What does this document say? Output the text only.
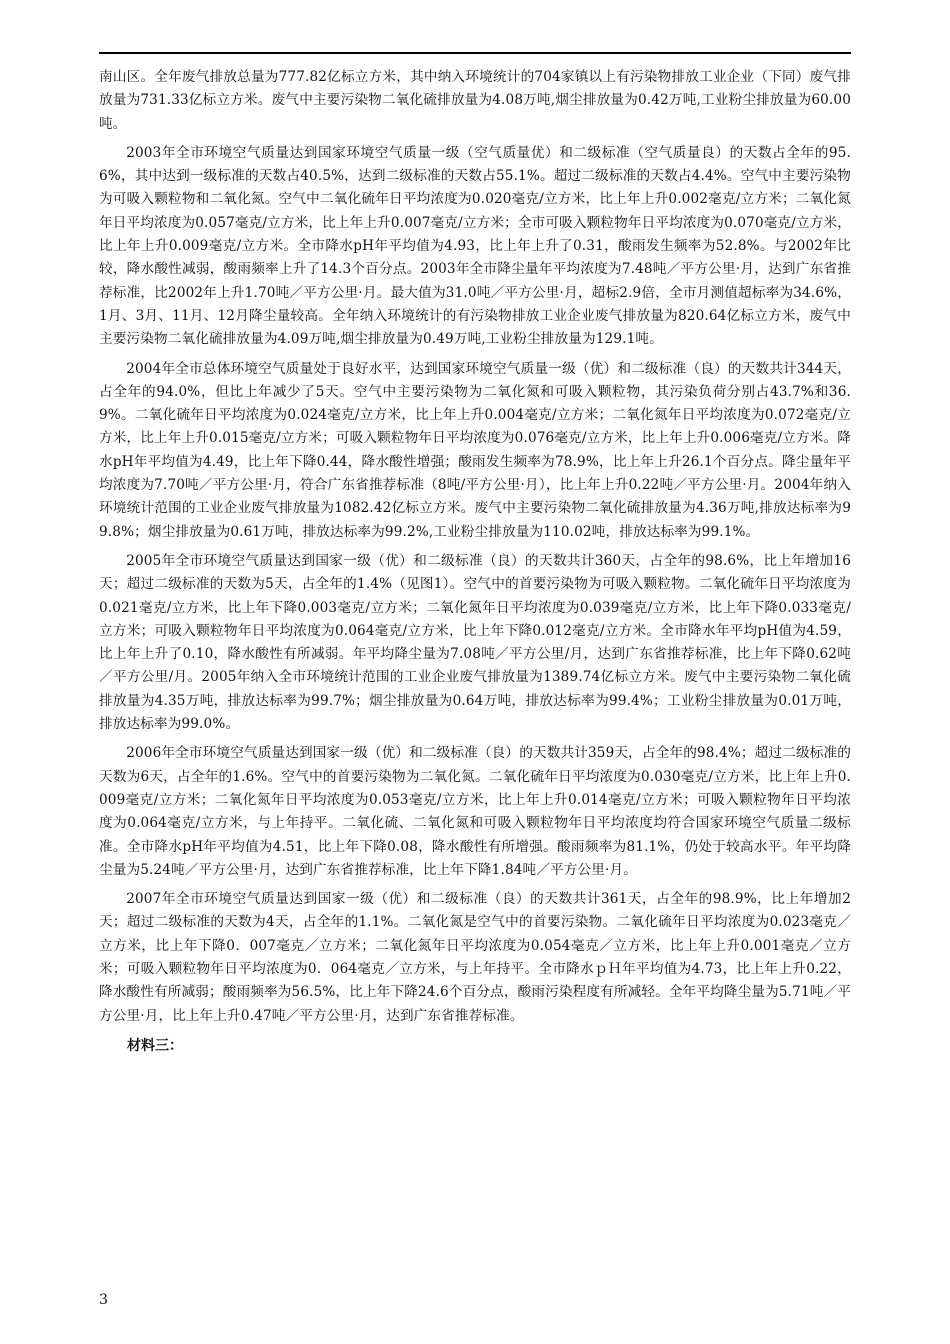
南山区。全年废气排放总量为777.82亿标立方米，其中纳入环境统计的704家镇以上有污染物排放工业企业（下同）废气排放量为731.33亿标立方米。废气中主要污染物二氧化硫排放量为4.08万吨,烟尘排放量为0.42万吨,工业粉尘排放量为60.00吨。

2003年全市环境空气质量达到国家环境空气质量一级（空气质量优）和二级标准（空气质量良）的天数占全年的95.6%，其中达到一级标准的天数占40.5%，达到二级标准的天数占55.1%。超过二级标准的天数占4.4%。空气中主要污染物为可吸入颗粒物和二氧化氮。空气中二氧化硫年日平均浓度为0.020毫克/立方米，比上年上升0.002毫克/立方米；二氧化氮年日平均浓度为0.057毫克/立方米，比上年上升0.007毫克/立方米；全市可吸入颗粒物年日平均浓度为0.070毫克/立方米，比上年上升0.009毫克/立方米。全市降水pH年平均值为4.93，比上年上升了0.31，酸雨发生频率为52.8%。与2002年比较，降水酸性减弱，酸雨频率上升了14.3个百分点。2003年全市降尘量年平均浓度为7.48吨／平方公里·月，达到广东省推荐标准，比2002年上升1.70吨／平方公里·月。最大值为31.0吨／平方公里·月，超标2.9倍，全市月测值超标率为34.6%，1月、3月、11月、12月降尘量较高。全年纳入环境统计的有污染物排放工业企业废气排放量为820.64亿标立方米，废气中主要污染物二氧化硫排放量为4.09万吨,烟尘排放量为0.49万吨,工业粉尘排放量为129.1吨。

2004年全市总体环境空气质量处于良好水平，达到国家环境空气质量一级（优）和二级标准（良）的天数共计344天，占全年的94.0%，但比上年减少了5天。空气中主要污染物为二氧化氮和可吸入颗粒物，其污染负荷分别占43.7%和36.9%。二氧化硫年日平均浓度为0.024毫克/立方米，比上年上升0.004毫克/立方米；二氧化氮年日平均浓度为0.072毫克/立方米，比上年上升0.015毫克/立方米；可吸入颗粒物年日平均浓度为0.076毫克/立方米，比上年上升0.006毫克/立方米。降水pH年平均值为4.49，比上年下降0.44，降水酸性增强；酸雨发生频率为78.9%，比上年上升26.1个百分点。降尘量年平均浓度为7.70吨／平方公里·月，符合广东省推荐标准（8吨/平方公里·月），比上年上升0.22吨／平方公里·月。2004年纳入环境统计范围的工业企业废气排放量为1082.42亿标立方米。废气中主要污染物二氧化硫排放量为4.36万吨,排放达标率为99.8%；烟尘排放量为0.61万吨，排放达标率为99.2%,工业粉尘排放量为110.02吨，排放达标率为99.1%。

2005年全市环境空气质量达到国家一级（优）和二级标准（良）的天数共计360天，占全年的98.6%，比上年增加16天；超过二级标准的天数为5天，占全年的1.4%（见图1）。空气中的首要污染物为可吸入颗粒物。二氧化硫年日平均浓度为0.021毫克/立方米，比上年下降0.003毫克/立方米；二氧化氮年日平均浓度为0.039毫克/立方米，比上年下降0.033毫克/立方米；可吸入颗粒物年日平均浓度为0.064毫克/立方米，比上年下降0.012毫克/立方米。全市降水年平均pH值为4.59，比上年上升了0.10，降水酸性有所减弱。年平均降尘量为7.08吨／平方公里/月，达到广东省推荐标准，比上年下降0.62吨／平方公里/月。2005年纳入全市环境统计范围的工业企业废气排放量为1389.74亿标立方米。废气中主要污染物二氧化硫排放量为4.35万吨，排放达标率为99.7%；烟尘排放量为0.64万吨，排放达标率为99.4%；工业粉尘排放量为0.01万吨，排放达标率为99.0%。

2006年全市环境空气质量达到国家一级（优）和二级标准（良）的天数共计359天，占全年的98.4%；超过二级标准的天数为6天，占全年的1.6%。空气中的首要污染物为二氧化氮。二氧化硫年日平均浓度为0.030毫克/立方米，比上年上升0.009毫克/立方米；二氧化氮年日平均浓度为0.053毫克/立方米，比上年上升0.014毫克/立方米；可吸入颗粒物年日平均浓度为0.064毫克/立方米，与上年持平。二氧化硫、二氧化氮和可吸入颗粒物年日平均浓度均符合国家环境空气质量二级标准。全市降水pH年平均值为4.51，比上年下降0.08，降水酸性有所增强。酸雨频率为81.1%，仍处于较高水平。年平均降尘量为5.24吨／平方公里·月，达到广东省推荐标准，比上年下降1.84吨／平方公里·月。

2007年全市环境空气质量达到国家一级（优）和二级标准（良）的天数共计361天，占全年的98.9%，比上年增加2天；超过二级标准的天数为4天，占全年的1.1%。二氧化氮是空气中的首要污染物。二氧化硫年日平均浓度为0.023毫克／立方米，比上年下降0．007毫克／立方米；二氧化氮年日平均浓度为0.054毫克／立方米，比上年上升0.001毫克／立方米；可吸入颗粒物年日平均浓度为0．064毫克／立方米，与上年持平。全市降水ｐＨ年平均值为4.73，比上年上升0.22，降水酸性有所减弱；酸雨频率为56.5%，比上年下降24.6个百分点，酸雨污染程度有所减轻。全年平均降尘量为5.71吨／平方公里·月，比上年上升0.47吨／平方公里·月，达到广东省推荐标准。

材料三：

3
